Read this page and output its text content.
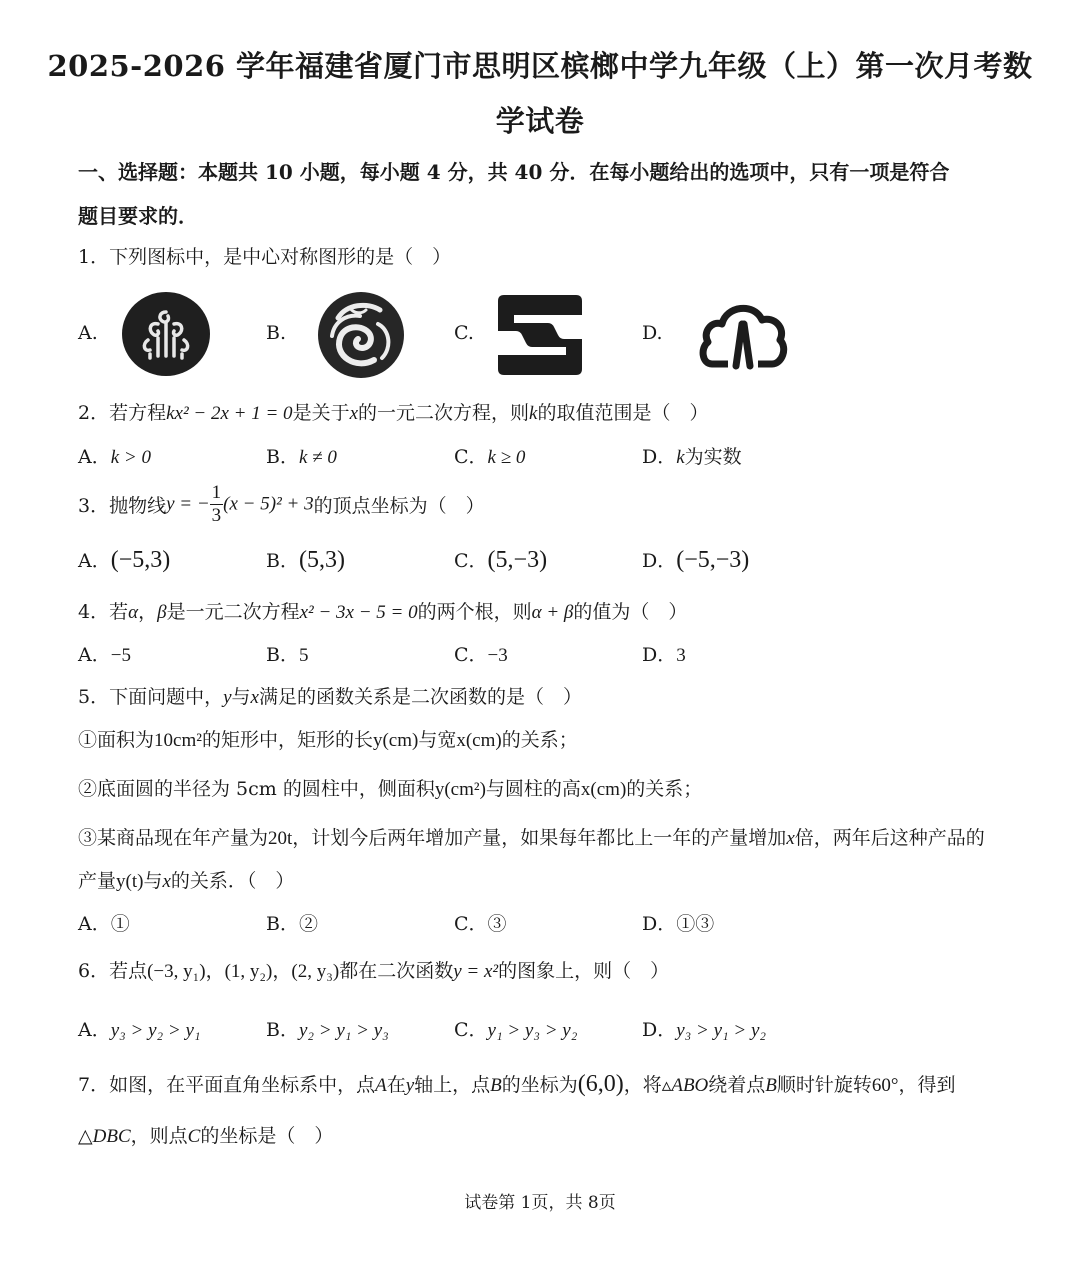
2025-2026 学年福建省厦门市思明区槟榔中学九年级（上）第一次月考数
学试卷
一、选择题：本题共 10 小题，每小题 4 分，共 40 分．在每小题给出的选项中，只有一项是符合
题目要求的．
1．下列图标中，是中心对称图形的是（　）
A.	B.	C.	D.
2．若方程kx² − 2x + 1 = 0是关于x的一元二次方程，则k的取值范围是（　）
A．k > 0	B．k ≠ 0	C．k ≥ 0	D．k为实数
3．抛物线y = − $\frac{1}{3} (x - 5)^2 + 3$的顶点坐标为（　）
A．(−5,3)	B．(5,3)	C．(5,−3)	D．(−5,−3)
4．若α，β是一元二次方程x² − 3x − 5 = 0的两个根，则α + β的值为（　）
A．−5	B．5	C．−3	D．3
5．下面问题中，y与x满足的函数关系是二次函数的是（　）
①面积为10cm²的矩形中，矩形的长y(cm)与宽x(cm)的关系；
②底面圆的半径为 5cm 的圆柱中，侧面积y(cm²)与圆柱的高x(cm)的关系；
③某商品现在年产量为20t，计划今后两年增加产量，如果每年都比上一年的产量增加x倍，两年后这种产品的
产量y(t)与x的关系．（　）
A．①	B．②	C．③	D．①③
6．若点(−3, y₁)，(1, y₂)，(2, y₃)都在二次函数y = x²的图象上，则（　）
A．y₃ > y₂ > y₁	B．y₂ > y₁ > y₃	C．y₁ > y₃ > y₂	D．y₃ > y₁ > y₂
7．如图，在平面直角坐标系中，点A在y轴上，点B的坐标为(6,0)，将▵ABO绕着点B顺时针旋转60°，得到
△DBC，则点C的坐标是（　）
试卷第 1页，共 8页
